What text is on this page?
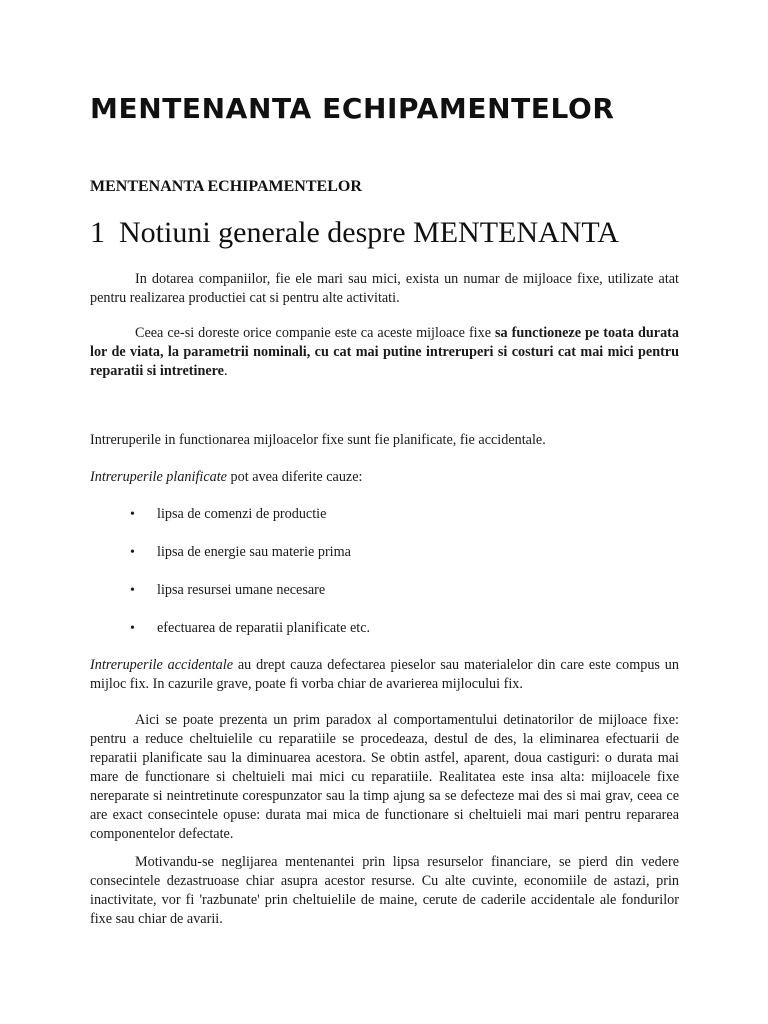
MENTENANTA ECHIPAMENTELOR
MENTENANTA ECHIPAMENTELOR
1 Notiuni generale despre MENTENANTA

In dotarea companiilor, fie ele mari sau mici, exista un numar de mijloace fixe, utilizate atat pentru realizarea productiei cat si pentru alte activitati.

Ceea ce-si doreste orice companie este ca aceste mijloace fixe sa functioneze pe toata durata lor de viata, la parametrii nominali, cu cat mai putine intreruperi si costuri cat mai mici pentru reparatii si intretinere.

Intreruperile in functionarea mijloacelor fixe sunt fie planificate, fie accidentale.

Intreruperile planificate pot avea diferite cauze:

• lipsa de comenzi de productie
• lipsa de energie sau materie prima
• lipsa resursei umane necesare
• efectuarea de reparatii planificate etc.

Intreruperile accidentale au drept cauza defectarea pieselor sau materialelor din care este compus un mijloc fix. In cazurile grave, poate fi vorba chiar de avarierea mijlocului fix.

Aici se poate prezenta un prim paradox al comportamentului detinatorilor de mijloace fixe: pentru a reduce cheltuielile cu reparatiile se procedeaza, destul de des, la eliminarea efectuarii de reparatii planificate sau la diminuarea acestora. Se obtin astfel, aparent, doua castiguri: o durata mai mare de functionare si cheltuieli mai mici cu reparatiile. Realitatea este insa alta: mijloacele fixe nereparate si neintretinute corespunzator sau la timp ajung sa se defecteze mai des si mai grav, ceea ce are exact consecintele opuse: durata mai mica de functionare si cheltuieli mai mari pentru repararea componentelor defectate.

Motivandu-se neglijarea mentenantei prin lipsa resurselor financiare, se pierd din vedere consecintele dezastruoase chiar asupra acestor resurse. Cu alte cuvinte, economiile de astazi, prin inactivitate, vor fi 'razbunate' prin cheltuielile de maine, cerute de caderile accidentale ale fondurilor fixe sau chiar de avarii.
